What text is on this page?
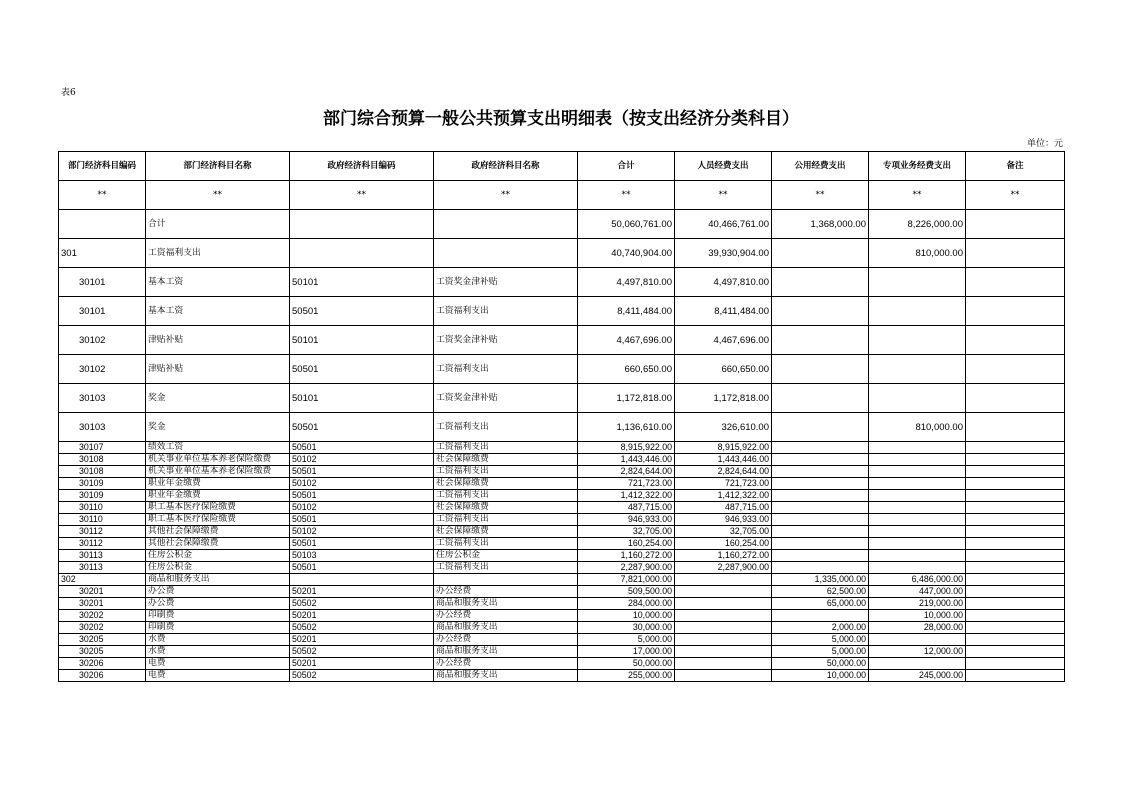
表6
部门综合预算一般公共预算支出明细表（按支出经济分类科目）
单位：元
部门经济科目编码	部门经济科目名称	政府经济科目编码	政府经济科目名称	合计	人员经费支出	公用经费支出	专项业务经费支出	备注
**	**	**	**	**	**	**	**	**
	合计			50,060,761.00	40,466,761.00	1,368,000.00	8,226,000.00	
301	工资福利支出			40,740,904.00	39,930,904.00		810,000.00	
30101	基本工资	50101	工资奖金津补贴	4,497,810.00	4,497,810.00			
30101	基本工资	50501	工资福利支出	8,411,484.00	8,411,484.00			
30102	津贴补贴	50101	工资奖金津补贴	4,467,696.00	4,467,696.00			
30102	津贴补贴	50501	工资福利支出	660,650.00	660,650.00			
30103	奖金	50101	工资奖金津补贴	1,172,818.00	1,172,818.00			
30103	奖金	50501	工资福利支出	1,136,610.00	326,610.00		810,000.00	
30107	绩效工资	50501	工资福利支出	8,915,922.00	8,915,922.00			
30108	机关事业单位基本养老保险缴费	50102	社会保障缴费	1,443,446.00	1,443,446.00			
30108	机关事业单位基本养老保险缴费	50501	工资福利支出	2,824,644.00	2,824,644.00			
30109	职业年金缴费	50102	社会保障缴费	721,723.00	721,723.00			
30109	职业年金缴费	50501	工资福利支出	1,412,322.00	1,412,322.00			
30110	职工基本医疗保险缴费	50102	社会保障缴费	487,715.00	487,715.00			
30110	职工基本医疗保险缴费	50501	工资福利支出	946,933.00	946,933.00			
30112	其他社会保障缴费	50102	社会保障缴费	32,705.00	32,705.00			
30112	其他社会保障缴费	50501	工资福利支出	160,254.00	160,254.00			
30113	住房公积金	50103	住房公积金	1,160,272.00	1,160,272.00			
30113	住房公积金	50501	工资福利支出	2,287,900.00	2,287,900.00			
302	商品和服务支出			7,821,000.00		1,335,000.00	6,486,000.00	
30201	办公费	50201	办公经费	509,500.00		62,500.00	447,000.00	
30201	办公费	50502	商品和服务支出	284,000.00		65,000.00	219,000.00	
30202	印刷费	50201	办公经费	10,000.00			10,000.00	
30202	印刷费	50502	商品和服务支出	30,000.00		2,000.00	28,000.00	
30205	水费	50201	办公经费	5,000.00		5,000.00		
30205	水费	50502	商品和服务支出	17,000.00		5,000.00	12,000.00	
30206	电费	50201	办公经费	50,000.00		50,000.00		
30206	电费	50502	商品和服务支出	255,000.00		10,000.00	245,000.00	
